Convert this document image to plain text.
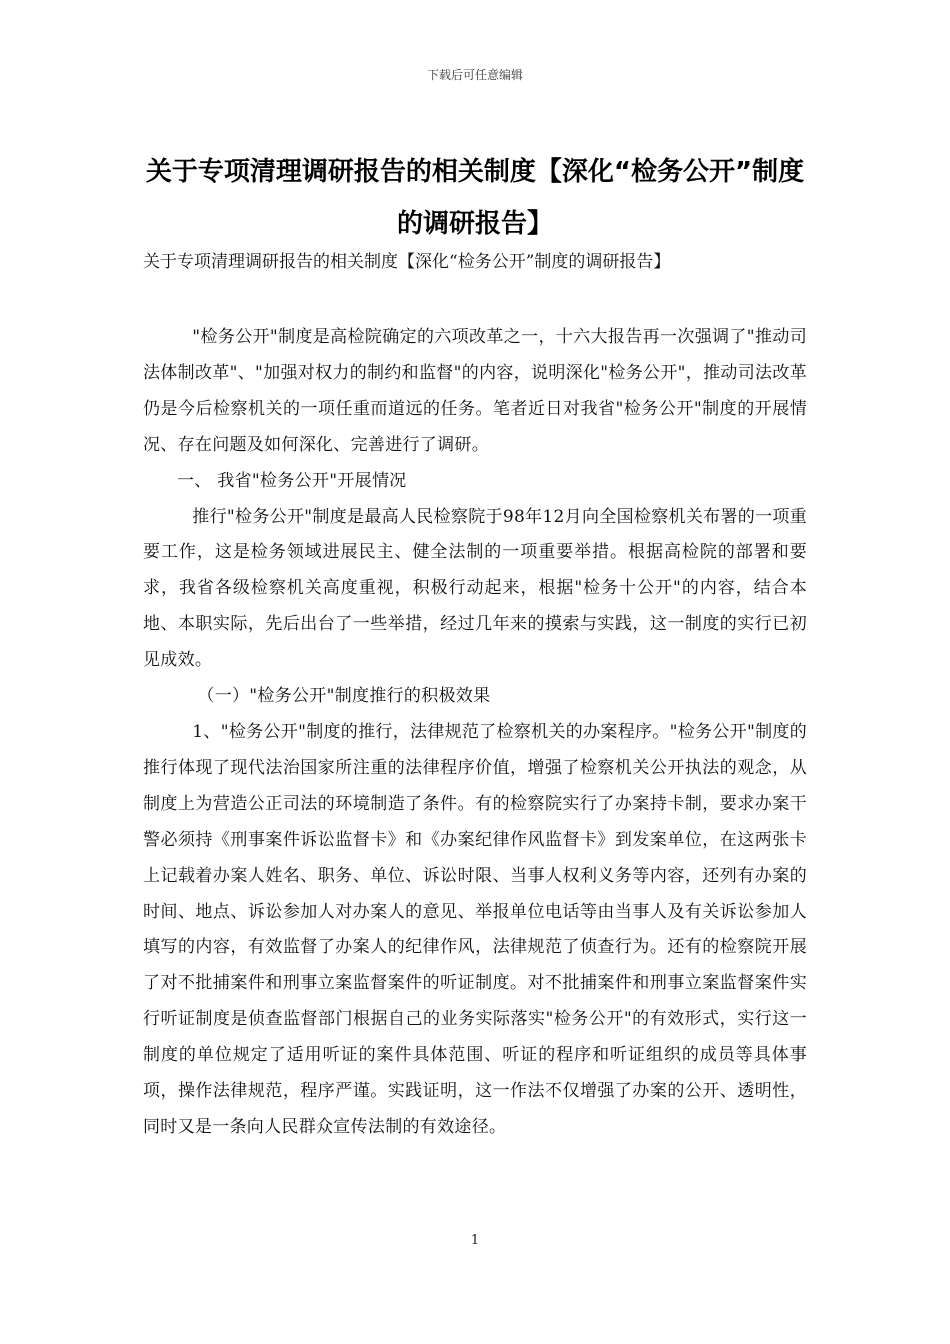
下载后可任意编辑
关于专项清理调研报告的相关制度【深化“检务公开”制度的调研报告】

关于专项清理调研报告的相关制度【深化“检务公开”制度的调研报告】

"检务公开"制度是高检院确定的六项改革之一，十六大报告再一次强调了"推动司法体制改革"、"加强对权力的制约和监督"的内容，说明深化"检务公开"，推动司法改革仍是今后检察机关的一项任重而道远的任务。笔者近日对我省"检务公开"制度的开展情况、存在问题及如何深化、完善进行了调研。

一、 我省"检务公开"开展情况

推行"检务公开"制度是最高人民检察院于98年12月向全国检察机关布署的一项重要工作，这是检务领域进展民主、健全法制的一项重要举措。根据高检院的部署和要求，我省各级检察机关高度重视，积极行动起来，根据"检务十公开"的内容，结合本地、本职实际，先后出台了一些举措，经过几年来的摸索与实践，这一制度的实行已初见成效。

（一）"检务公开"制度推行的积极效果

1、"检务公开"制度的推行，法律规范了检察机关的办案程序。"检务公开"制度的推行体现了现代法治国家所注重的法律程序价值，增强了检察机关公开执法的观念，从制度上为营造公正司法的环境制造了条件。有的检察院实行了办案持卡制，要求办案干警必须持《刑事案件诉讼监督卡》和《办案纪律作风监督卡》到发案单位，在这两张卡上记载着办案人姓名、职务、单位、诉讼时限、当事人权利义务等内容，还列有办案的时间、地点、诉讼参加人对办案人的意见、举报单位电话等由当事人及有关诉讼参加人填写的内容，有效监督了办案人的纪律作风，法律规范了侦查行为。还有的检察院开展了对不批捕案件和刑事立案监督案件的听证制度。对不批捕案件和刑事立案监督案件实行听证制度是侦查监督部门根据自己的业务实际落实"检务公开"的有效形式，实行这一制度的单位规定了适用听证的案件具体范围、听证的程序和听证组织的成员等具体事项，操作法律规范，程序严谨。实践证明，这一作法不仅增强了办案的公开、透明性，同时又是一条向人民群众宣传法制的有效途径。

1
